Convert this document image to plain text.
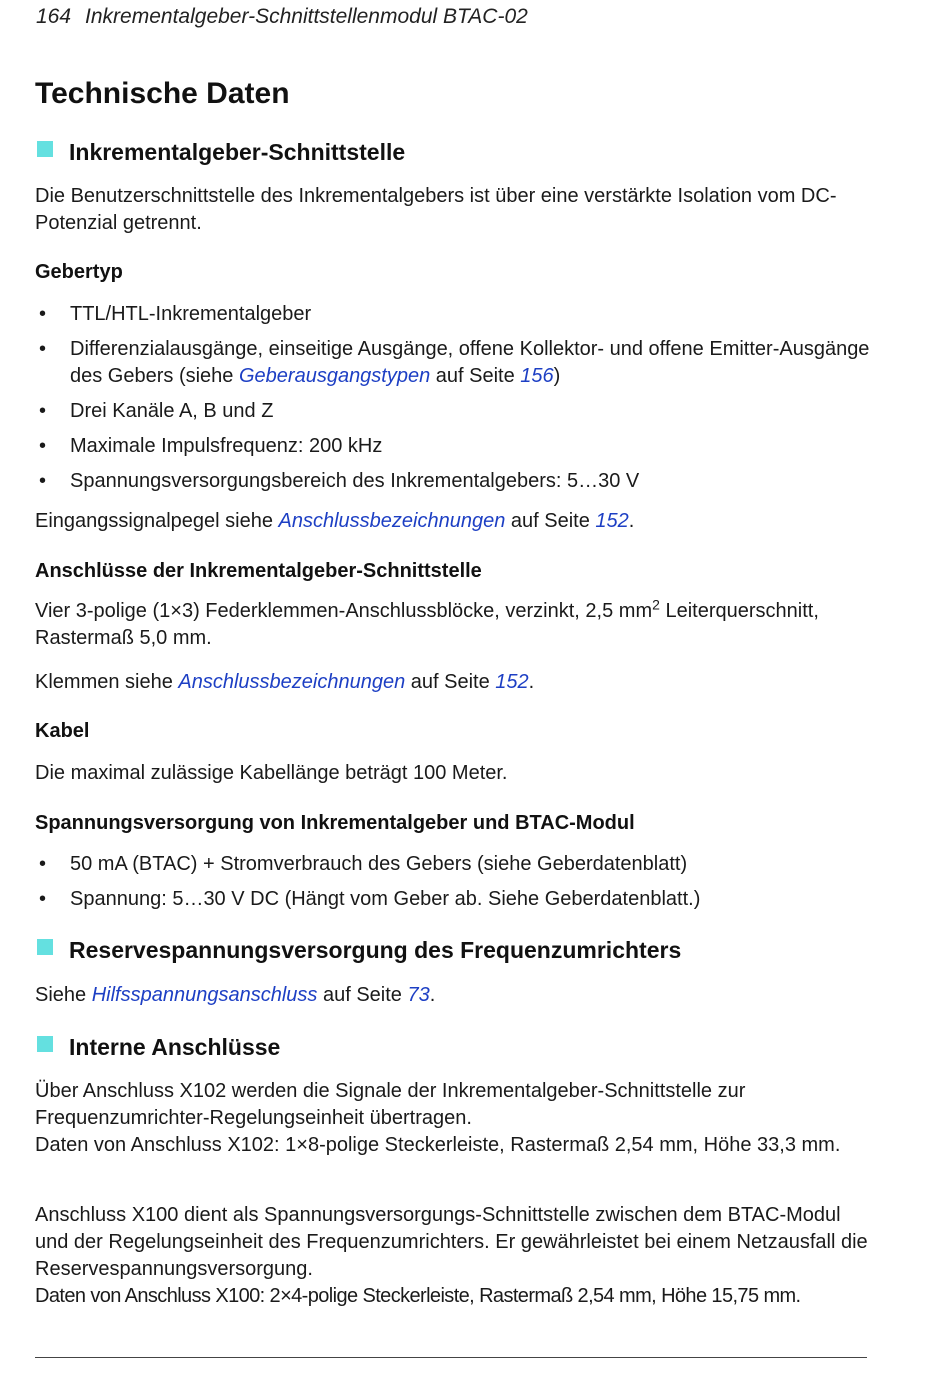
164 Inkrementalgeber-Schnittstellenmodul BTAC-02
Technische Daten
Inkrementalgeber-Schnittstelle

Die Benutzerschnittstelle des Inkrementalgebers ist über eine verstärkte Isolation vom DC-Potenzial getrennt.

Gebertyp
• TTL/HTL-Inkrementalgeber
• Differenzialausgänge, einseitige Ausgänge, offene Kollektor- und offene Emitter-Ausgänge des Gebers (siehe Geberausgangstypen auf Seite 156)
• Drei Kanäle A, B und Z
• Maximale Impulsfrequenz: 200 kHz
• Spannungsversorgungsbereich des Inkrementalgebers: 5…30 V

Eingangssignalpegel siehe Anschlussbezeichnungen auf Seite 152.

Anschlüsse der Inkrementalgeber-Schnittstelle

Vier 3-polige (1×3) Federklemmen-Anschlussblöcke, verzinkt, 2,5 $mm^2$ Leiterquerschnitt, Rastermaß 5,0 mm.

Klemmen siehe Anschlussbezeichnungen auf Seite 152.

Kabel

Die maximal zulässige Kabellänge beträgt 100 Meter.

Spannungsversorgung von Inkrementalgeber und BTAC-Modul
• 50 mA (BTAC) + Stromverbrauch des Gebers (siehe Geberdatenblatt)
• Spannung: 5…30 V DC (Hängt vom Geber ab. Siehe Geberdatenblatt.)
Reservespannungsversorgung des Frequenzumrichters

Siehe Hilfsspannungsanschluss auf Seite 73.

Interne Anschlüsse
Über Anschluss X102 werden die Signale der Inkrementalgeber-Schnittstelle zur Frequenzumrichter-Regelungseinheit übertragen.
Daten von Anschluss X102: 1×8-polige Steckerleiste, Rastermaß 2,54 mm, Höhe 33,3 mm.
Anschluss X100 dient als Spannungsversorgungs-Schnittstelle zwischen dem BTAC-Modul und der Regelungseinheit des Frequenzumrichters. Er gewährleistet bei einem Netzausfall die Reservespannungsversorgung.
Daten von Anschluss X100: 2×4-polige Steckerleiste, Rastermaß 2,54 mm, Höhe 15,75 mm.
